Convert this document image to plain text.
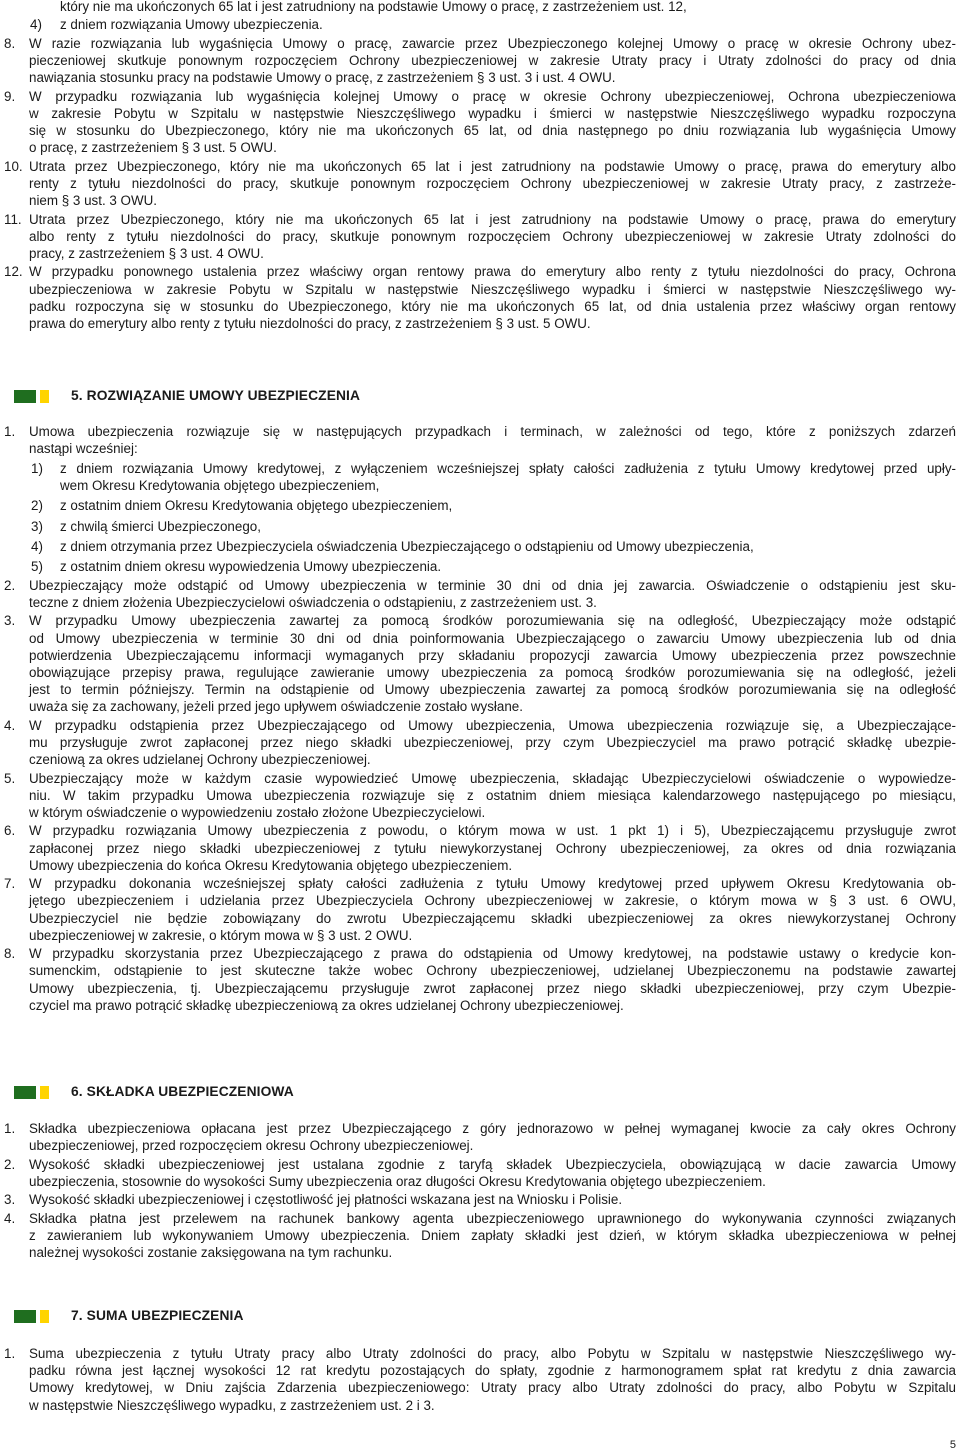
który nie ma ukończonych 65 lat i jest zatrudniony na podstawie Umowy o pracę, z zastrzeżeniem ust. 12,
4) z dniem rozwiązania Umowy ubezpieczenia.
8. W razie rozwiązania lub wygaśnięcia Umowy o pracę, zawarcie przez Ubezpieczonego kolejnej Umowy o pracę w okresie Ochrony ubez-
pieczeniowej skutkuje ponownym rozpoczęciem Ochrony ubezpieczeniowej w zakresie Utraty pracy i Utraty zdolności do pracy od dnia
nawiązania stosunku pracy na podstawie Umowy o pracę, z zastrzeżeniem § 3 ust. 3 i ust. 4 OWU.
9. W przypadku rozwiązania lub wygaśnięcia kolejnej Umowy o pracę w okresie Ochrony ubezpieczeniowej, Ochrona ubezpieczeniowa
w zakresie Pobytu w Szpitalu w następstwie Nieszczęśliwego wypadku i śmierci w następstwie Nieszczęśliwego wypadku rozpoczyna
się w stosunku do Ubezpieczonego, który nie ma ukończonych 65 lat, od dnia następnego po dniu rozwiązania lub wygaśnięcia Umowy
o pracę, z zastrzeżeniem § 3 ust. 5 OWU.
10. Utrata przez Ubezpieczonego, który nie ma ukończonych 65 lat i jest zatrudniony na podstawie Umowy o pracę, prawa do emerytury albo
renty z tytułu niezdolności do pracy, skutkuje ponownym rozpoczęciem Ochrony ubezpieczeniowej w zakresie Utraty pracy, z zastrzeże-
niem § 3 ust. 3 OWU.
11. Utrata przez Ubezpieczonego, który nie ma ukończonych 65 lat i jest zatrudniony na podstawie Umowy o pracę, prawa do emerytury
albo renty z tytułu niezdolności do pracy, skutkuje ponownym rozpoczęciem Ochrony ubezpieczeniowej w zakresie Utraty zdolności do
pracy, z zastrzeżeniem § 3 ust. 4 OWU.
12. W przypadku ponownego ustalenia przez właściwy organ rentowy prawa do emerytury albo renty z tytułu niezdolności do pracy, Ochrona
ubezpieczeniowa w zakresie Pobytu w Szpitalu w następstwie Nieszczęśliwego wypadku i śmierci w następstwie Nieszczęśliwego wy-
padku rozpoczyna się w stosunku do Ubezpieczonego, który nie ma ukończonych 65 lat, od dnia ustalenia przez właściwy organ rentowy
prawa do emerytury albo renty z tytułu niezdolności do pracy, z zastrzeżeniem § 3 ust. 5 OWU.
5. ROZWIĄZANIE UMOWY UBEZPIECZENIA
1. Umowa ubezpieczenia rozwiązuje się w następujących przypadkach i terminach, w zależności od tego, które z poniższych zdarzeń
nastąpi wcześniej:
1) z dniem rozwiązania Umowy kredytowej, z wyłączeniem wcześniejszej spłaty całości zadłużenia z tytułu Umowy kredytowej przed upły-
wem Okresu Kredytowania objętego ubezpieczeniem,
2) z ostatnim dniem Okresu Kredytowania objętego ubezpieczeniem,
3) z chwilą śmierci Ubezpieczonego,
4) z dniem otrzymania przez Ubezpieczyciela oświadczenia Ubezpieczającego o odstąpieniu od Umowy ubezpieczenia,
5) z ostatnim dniem okresu wypowiedzenia Umowy ubezpieczenia.
2. Ubezpieczający może odstąpić od Umowy ubezpieczenia w terminie 30 dni od dnia jej zawarcia. Oświadczenie o odstąpieniu jest sku-
teczne z dniem złożenia Ubezpieczycielowi oświadczenia o odstąpieniu, z zastrzeżeniem ust. 3.
3. W przypadku Umowy ubezpieczenia zawartej za pomocą środków porozumiewania się na odległość, Ubezpieczający może odstąpić
od Umowy ubezpieczenia w terminie 30 dni od dnia poinformowania Ubezpieczającego o zawarciu Umowy ubezpieczenia lub od dnia
potwierdzenia Ubezpieczającemu informacji wymaganych przy składaniu propozycji zawarcia Umowy ubezpieczenia przez powszechnie
obowiązujące przepisy prawa, regulujące zawieranie umowy ubezpieczenia za pomocą środków porozumiewania się na odległość, jeżeli
jest to termin późniejszy. Termin na odstąpienie od Umowy ubezpieczenia zawartej za pomocą środków porozumiewania się na odległość
uważa się za zachowany, jeżeli przed jego upływem oświadczenie zostało wysłane.
4. W przypadku odstąpienia przez Ubezpieczającego od Umowy ubezpieczenia, Umowa ubezpieczenia rozwiązuje się, a Ubezpieczające-
mu przysługuje zwrot zapłaconej przez niego składki ubezpieczeniowej, przy czym Ubezpieczyciel ma prawo potrącić składkę ubezpie-
czeniową za okres udzielanej Ochrony ubezpieczeniowej.
5. Ubezpieczający może w każdym czasie wypowiedzieć Umowę ubezpieczenia, składając Ubezpieczycielowi oświadczenie o wypowiedze-
niu. W takim przypadku Umowa ubezpieczenia rozwiązuje się z ostatnim dniem miesiąca kalendarzowego następującego po miesiącu,
w którym oświadczenie o wypowiedzeniu zostało złożone Ubezpieczycielowi.
6. W przypadku rozwiązania Umowy ubezpieczenia z powodu, o którym mowa w ust. 1 pkt 1) i 5), Ubezpieczającemu przysługuje zwrot
zapłaconej przez niego składki ubezpieczeniowej z tytułu niewykorzystanej Ochrony ubezpieczeniowej, za okres od dnia rozwiązania
Umowy ubezpieczenia do końca Okresu Kredytowania objętego ubezpieczeniem.
7. W przypadku dokonania wcześniejszej spłaty całości zadłużenia z tytułu Umowy kredytowej przed upływem Okresu Kredytowania ob-
jętego ubezpieczeniem i udzielania przez Ubezpieczyciela Ochrony ubezpieczeniowej w zakresie, o którym mowa w § 3 ust. 6 OWU,
Ubezpieczyciel nie będzie zobowiązany do zwrotu Ubezpieczającemu składki ubezpieczeniowej za okres niewykorzystanej Ochrony
ubezpieczeniowej w zakresie, o którym mowa w § 3 ust. 2 OWU.
8. W przypadku skorzystania przez Ubezpieczającego z prawa do odstąpienia od Umowy kredytowej, na podstawie ustawy o kredycie kon-
sumenckim, odstąpienie to jest skuteczne także wobec Ochrony ubezpieczeniowej, udzielanej Ubezpieczonemu na podstawie zawartej
Umowy ubezpieczenia, tj. Ubezpieczającemu przysługuje zwrot zapłaconej przez niego składki ubezpieczeniowej, przy czym Ubezpie-
czyciel ma prawo potrącić składkę ubezpieczeniową za okres udzielanej Ochrony ubezpieczeniowej.
6. SKŁADKA UBEZPIECZENIOWA
1. Składka ubezpieczeniowa opłacana jest przez Ubezpieczającego z góry jednorazowo w pełnej wymaganej kwocie za cały okres Ochrony
ubezpieczeniowej, przed rozpoczęciem okresu Ochrony ubezpieczeniowej.
2. Wysokość składki ubezpieczeniowej jest ustalana zgodnie z taryfą składek Ubezpieczyciela, obowiązującą w dacie zawarcia Umowy
ubezpieczenia, stosownie do wysokości Sumy ubezpieczenia oraz długości Okresu Kredytowania objętego ubezpieczeniem.
3. Wysokość składki ubezpieczeniowej i częstotliwość jej płatności wskazana jest na Wniosku i Polisie.
4. Składka płatna jest przelewem na rachunek bankowy agenta ubezpieczeniowego uprawnionego do wykonywania czynności związanych
z zawieraniem lub wykonywaniem Umowy ubezpieczenia. Dniem zapłaty składki jest dzień, w którym składka ubezpieczeniowa w pełnej
należnej wysokości zostanie zaksięgowana na tym rachunku.
7. SUMA UBEZPIECZENIA
1. Suma ubezpieczenia z tytułu Utraty pracy albo Utraty zdolności do pracy, albo Pobytu w Szpitalu w następstwie Nieszczęśliwego wy-
padku równa jest łącznej wysokości 12 rat kredytu pozostających do spłaty, zgodnie z harmonogramem spłat rat kredytu z dnia zawarcia
Umowy kredytowej, w Dniu zajścia Zdarzenia ubezpieczeniowego: Utraty pracy albo Utraty zdolności do pracy, albo Pobytu w Szpitalu
w następstwie Nieszczęśliwego wypadku, z zastrzeżeniem ust. 2 i 3.
5
